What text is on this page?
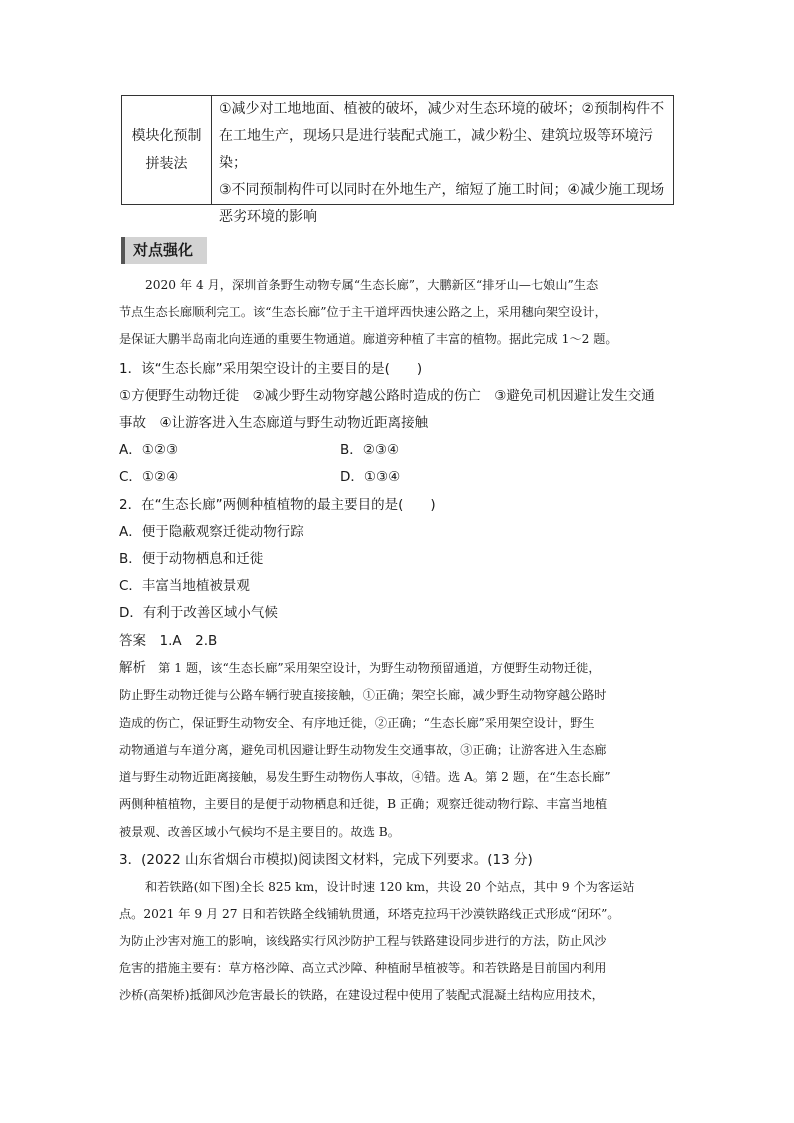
模块化预制
拼装法
①减少对工地地面、植被的破坏，减少对生态环境的破坏；②预制构件不
在工地生产，现场只是进行装配式施工，减少粉尘、建筑垃圾等环境污染；
③不同预制构件可以同时在外地生产，缩短了施工时间；④减少施工现场
恶劣环境的影响
对点强化
2020 年 4 月，深圳首条野生动物专属“生态长廊”，大鹏新区“排牙山—七娘山”生态
节点生态长廊顺利完工。该“生态长廊”位于主干道坪西快速公路之上，采用穗向架空设计，
是保证大鹏半岛南北向连通的重要生物通道。廊道旁种植了丰富的植物。据此完成 1～2 题。
1．该“生态长廊”采用架空设计的主要目的是(　　)
①方便野生动物迁徙　②减少野生动物穿越公路时造成的伤亡　③避免司机因避让发生交通
事故　④让游客进入生态廊道与野生动物近距离接触
A．①②③	B．②③④
C．①②④	D．①③④
2．在“生态长廊”两侧种植植物的最主要目的是(　　)
A．便于隐蔽观察迁徙动物行踪
B．便于动物栖息和迁徙
C．丰富当地植被景观
D．有利于改善区域小气候
答案　1.A　2.B
解析　第 1 题，该“生态长廊”采用架空设计，为野生动物预留通道，方便野生动物迁徙，
防止野生动物迁徙与公路车辆行驶直接接触，①正确；架空长廊，减少野生动物穿越公路时
造成的伤亡，保证野生动物安全、有序地迁徙，②正确；“生态长廊”采用架空设计，野生
动物通道与车道分离，避免司机因避让野生动物发生交通事故，③正确；让游客进入生态廊
道与野生动物近距离接触，易发生野生动物伤人事故，④错。选 A。第 2 题，在“生态长廊”
两侧种植植物，主要目的是便于动物栖息和迁徙，B 正确；观察迁徙动物行踪、丰富当地植
被景观、改善区域小气候均不是主要目的。故选 B。
3．(2022 山东省烟台市模拟)阅读图文材料，完成下列要求。(13 分)
和若铁路(如下图)全长 825 km，设计时速 120 km，共设 20 个站点，其中 9 个为客运站
点。2021 年 9 月 27 日和若铁路全线铺轨贯通，环塔克拉玛干沙漠铁路线正式形成“闭环”。
为防止沙害对施工的影响，该线路实行风沙防护工程与铁路建设同步进行的方法，防止风沙
危害的措施主要有：草方格沙障、高立式沙障、种植耐旱植被等。和若铁路是目前国内利用
沙桥(高架桥)抵御风沙危害最长的铁路，在建设过程中使用了装配式混凝土结构应用技术，
